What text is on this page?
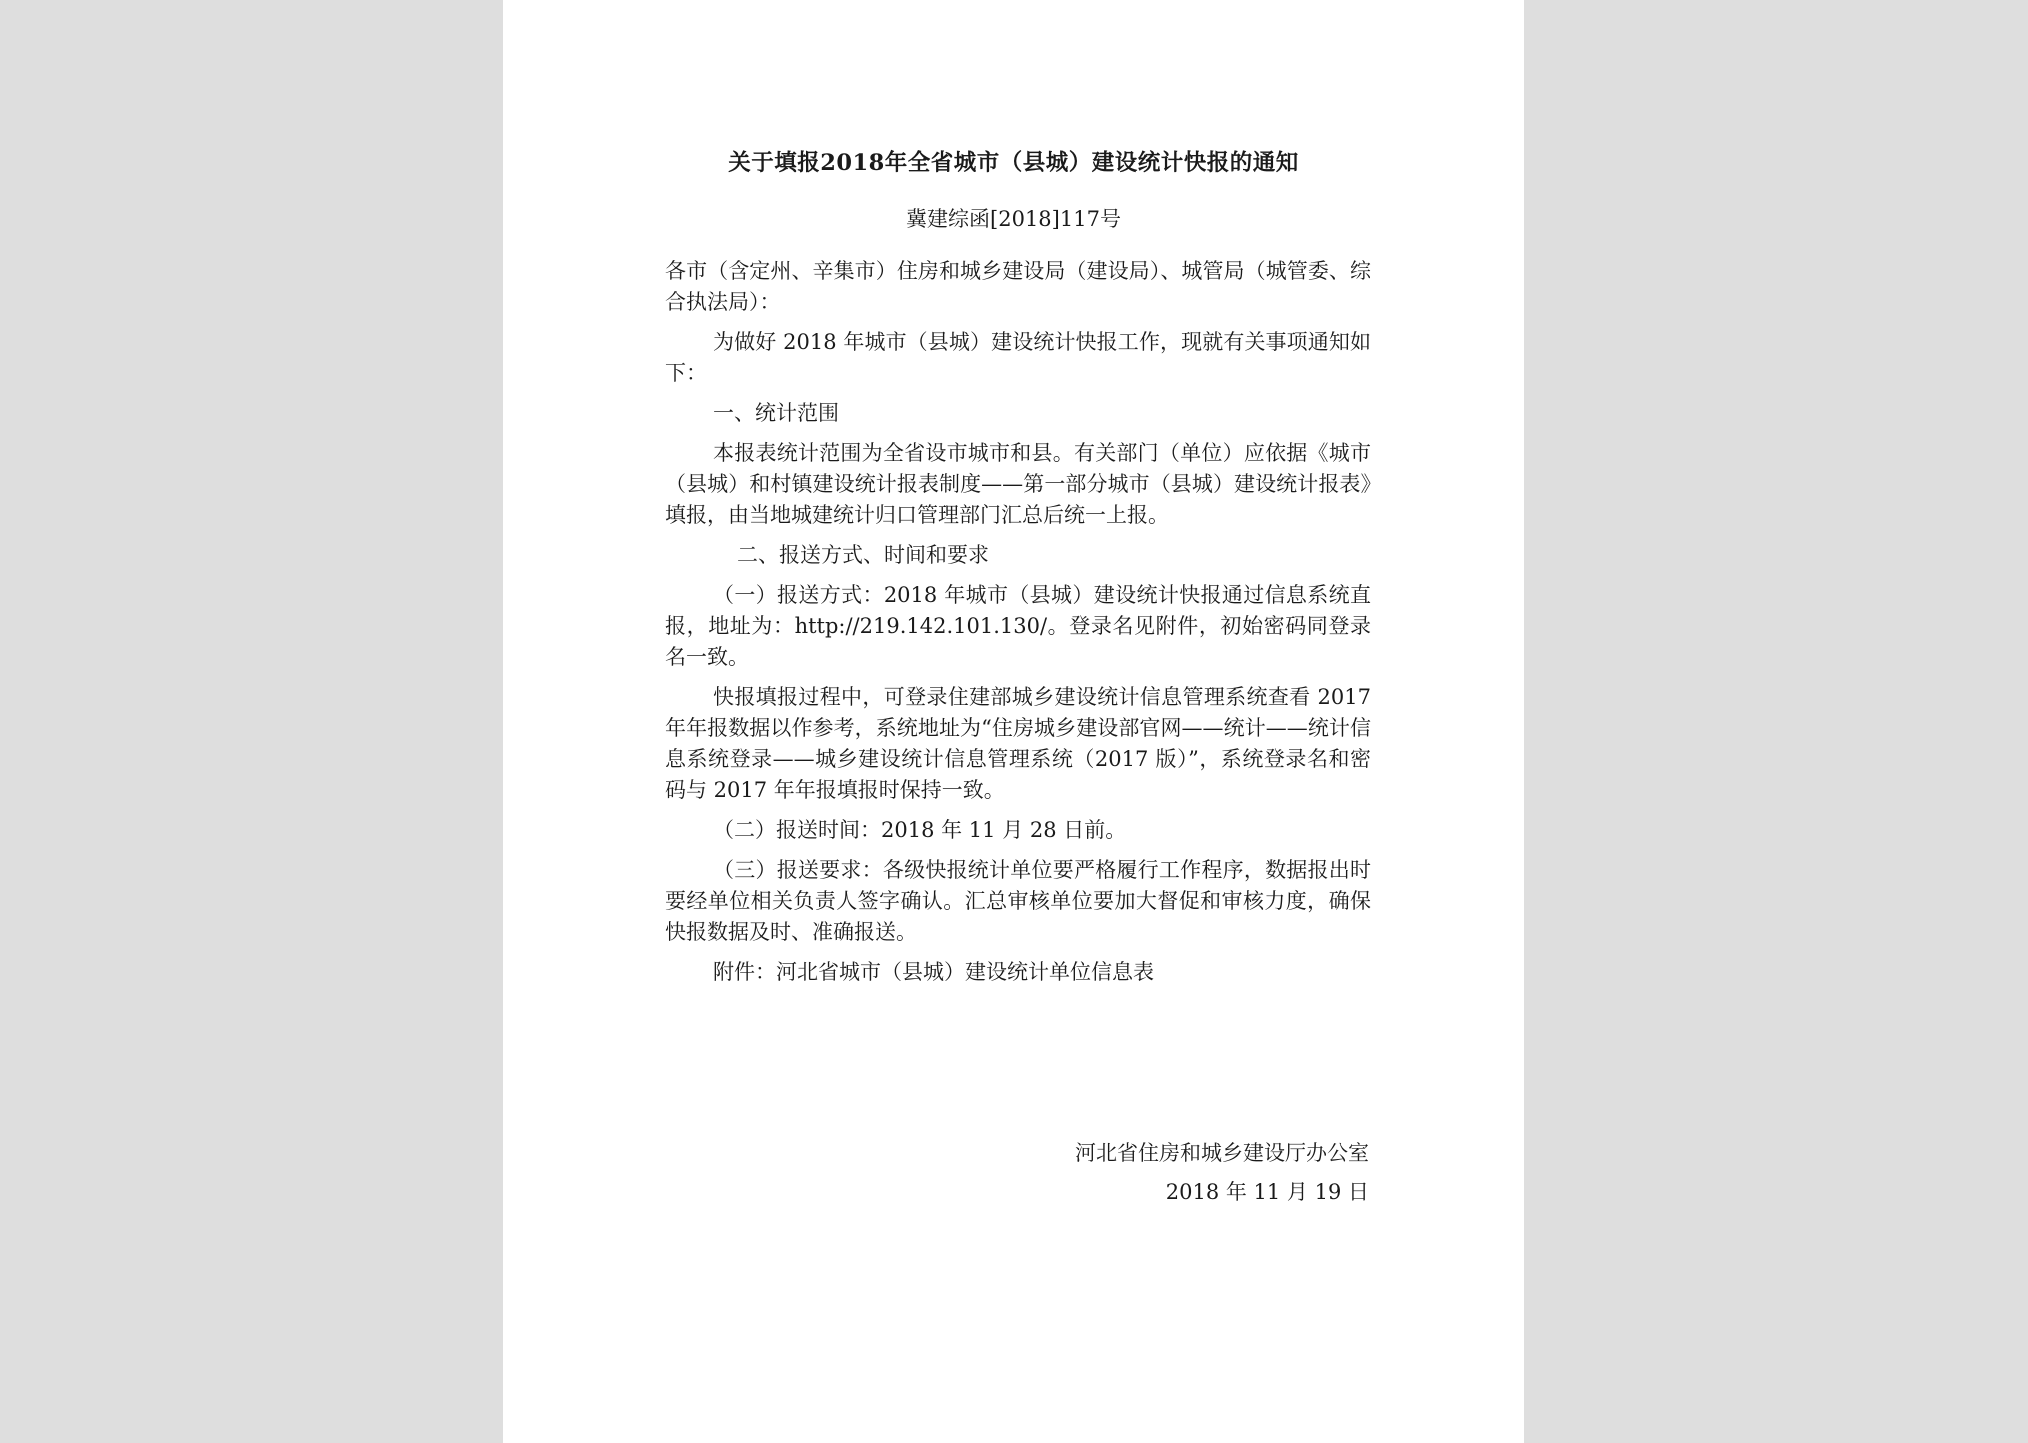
关于填报2018年全省城市（县城）建设统计快报的通知
冀建综函[2018]117号

各市（含定州、辛集市）住房和城乡建设局（建设局）、城管局（城管委、综合执法局）：

为做好 2018 年城市（县城）建设统计快报工作，现就有关事项通知如下：

一、统计范围

本报表统计范围为全省设市城市和县。有关部门（单位）应依据《城市（县城）和村镇建设统计报表制度——第一部分城市（县城）建设统计报表》填报，由当地城建统计归口管理部门汇总后统一上报。

二、报送方式、时间和要求

（一）报送方式：2018 年城市（县城）建设统计快报通过信息系统直报，地址为：http://219.142.101.130/。登录名见附件，初始密码同登录名一致。

快报填报过程中，可登录住建部城乡建设统计信息管理系统查看 2017 年年报数据以作参考，系统地址为“住房城乡建设部官网——统计——统计信息系统登录——城乡建设统计信息管理系统（2017 版）”，系统登录名和密码与 2017 年年报填报时保持一致。

（二）报送时间：2018 年 11 月 28 日前。

（三）报送要求：各级快报统计单位要严格履行工作程序，数据报出时要经单位相关负责人签字确认。汇总审核单位要加大督促和审核力度，确保快报数据及时、准确报送。

附件：河北省城市（县城）建设统计单位信息表

河北省住房和城乡建设厅办公室
2018 年 11 月 19 日
